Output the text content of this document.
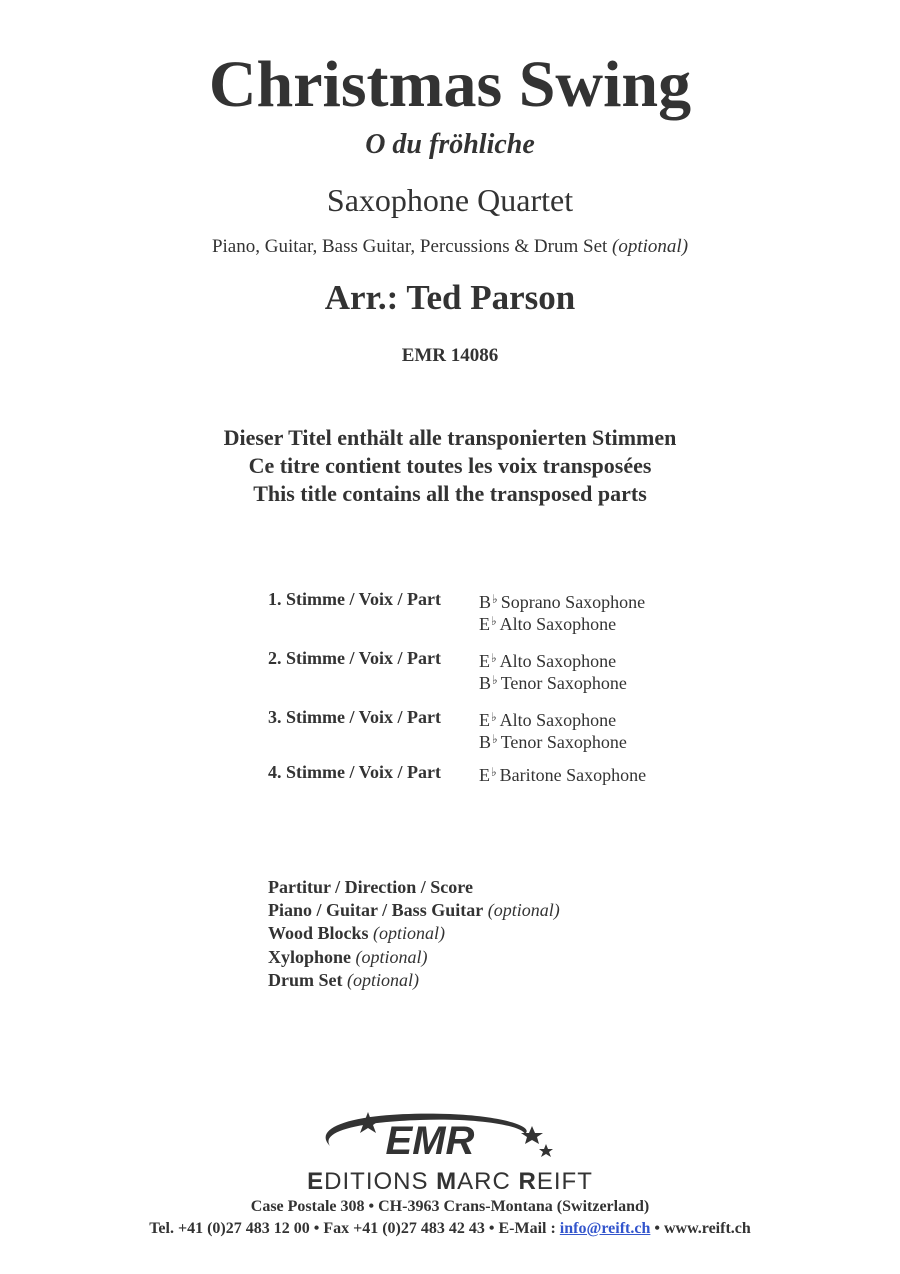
Christmas Swing
O du fröhliche
Saxophone Quartet
Piano, Guitar, Bass Guitar, Percussions & Drum Set (optional)
Arr.: Ted Parson
EMR 14086
Dieser Titel enthält alle transponierten Stimmen
Ce titre contient toutes les voix transposées
This title contains all the transposed parts
1. Stimme / Voix / Part B♭ Soprano Saxophone
E♭ Alto Saxophone
2. Stimme / Voix / Part E♭ Alto Saxophone
B♭ Tenor Saxophone
3. Stimme / Voix / Part E♭ Alto Saxophone
B♭ Tenor Saxophone
4. Stimme / Voix / Part E♭ Baritone Saxophone
Partitur / Direction / Score
Piano / Guitar / Bass Guitar (optional)
Wood Blocks (optional)
Xylophone (optional)
Drum Set (optional)
EMR
EDITIONS MARC REIFT
Case Postale 308 • CH-3963 Crans-Montana (Switzerland)
Tel. +41 (0)27 483 12 00 • Fax +41 (0)27 483 42 43 • E-Mail : info@reift.ch • www.reift.ch
